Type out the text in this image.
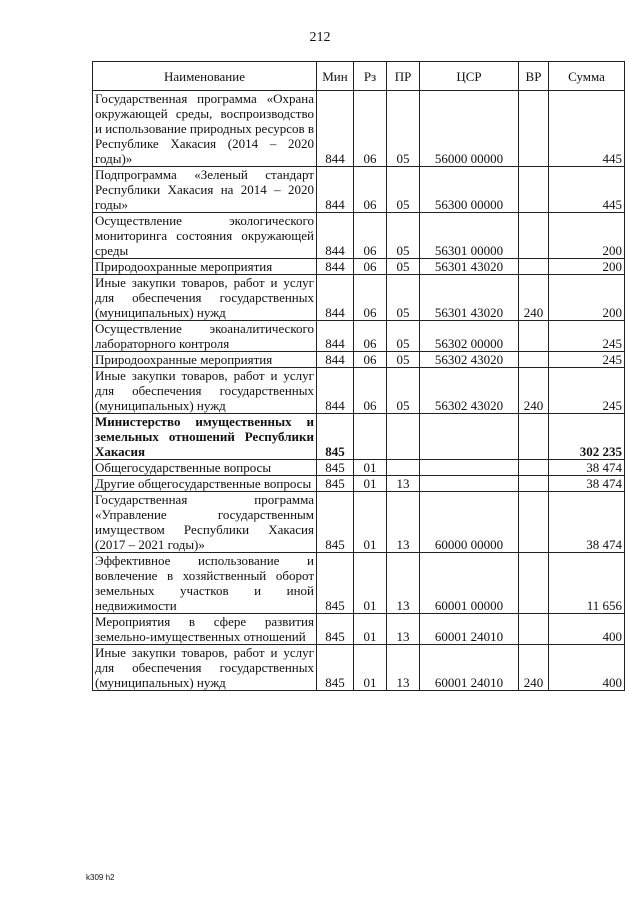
212
Наименование	Мин	Рз	ПР	ЦСР	ВР	Сумма
Государственная программа «Охрана окружающей среды, воспроизводство и использование природных ресурсов в Республике Хакасия (2014 – 2020 годы)»	844	06	05	56000 00000		445
Подпрограмма «Зеленый стандарт Республики Хакасия на 2014 – 2020 годы»	844	06	05	56300 00000		445
Осуществление экологического мониторинга состояния окружающей среды	844	06	05	56301 00000		200
Природоохранные мероприятия	844	06	05	56301 43020		200
Иные закупки товаров, работ и услуг для обеспечения государственных (муниципальных) нужд	844	06	05	56301 43020	240	200
Осуществление экоаналитического лабораторного контроля	844	06	05	56302 00000		245
Природоохранные мероприятия	844	06	05	56302 43020		245
Иные закупки товаров, работ и услуг для обеспечения государственных (муниципальных) нужд	844	06	05	56302 43020	240	245
Министерство имущественных и земельных отношений Республики Хакасия	845					302 235
Общегосударственные вопросы	845	01				38 474
Другие общегосударственные вопросы	845	01	13			38 474
Государственная программа «Управление государственным имуществом Республики Хакасия (2017 – 2021 годы)»	845	01	13	60000 00000		38 474
Эффективное использование и вовлечение в хозяйственный оборот земельных участков и иной недвижимости	845	01	13	60001 00000		11 656
Мероприятия в сфере развития земельно-имущественных отношений	845	01	13	60001 24010		400
Иные закупки товаров, работ и услуг для обеспечения государственных (муниципальных) нужд	845	01	13	60001 24010	240	400
k309 h2
